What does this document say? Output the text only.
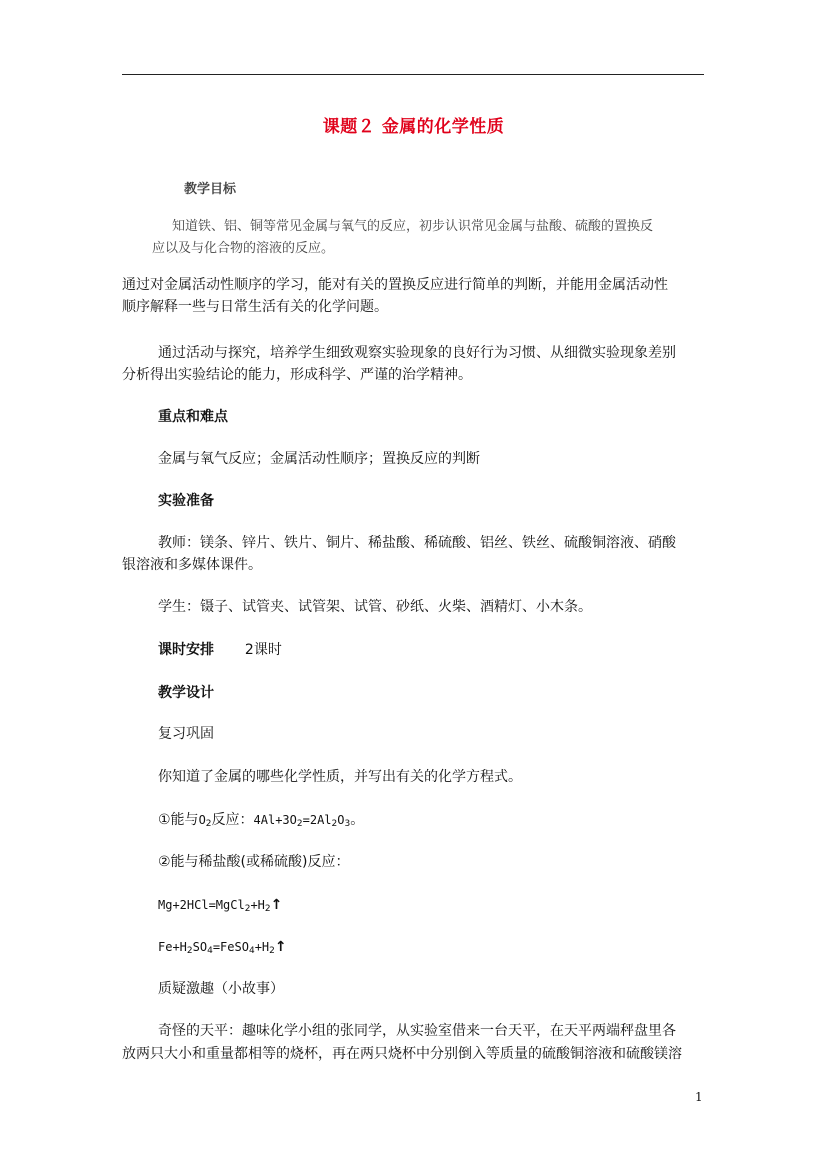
课题２ 金属的化学性质
教学目标
知道铁、铝、铜等常见金属与氧气的反应，初步认识常见金属与盐酸、硫酸的置换反
应以及与化合物的溶液的反应。
通过对金属活动性顺序的学习，能对有关的置换反应进行简单的判断，并能用金属活动性
顺序解释一些与日常生活有关的化学问题。
通过活动与探究，培养学生细致观察实验现象的良好行为习惯、从细微实验现象差别
分析得出实验结论的能力，形成科学、严谨的治学精神。
重点和难点
金属与氧气反应；金属活动性顺序；置换反应的判断
实验准备
教师：镁条、锌片、铁片、铜片、稀盐酸、稀硫酸、铝丝、铁丝、硫酸铜溶液、硝酸
银溶液和多媒体课件。
学生：镊子、试管夹、试管架、试管、砂纸、火柴、酒精灯、小木条。
课时安排 2课时
教学设计
复习巩固
你知道了金属的哪些化学性质，并写出有关的化学方程式。
①能与$O_2$反应：$4Al+3O_2=2Al_2O_3$。
②能与稀盐酸(或稀硫酸)反应：
$Mg+2HCl=MgCl_2+H_2↑$
$Fe+H_2SO_4=FeSO_4+H_2↑$
质疑激趣（小故事）
奇怪的天平：趣味化学小组的张同学，从实验室借来一台天平，在天平两端秤盘里各
放两只大小和重量都相等的烧杯，再在两只烧杯中分别倒入等质量的硫酸铜溶液和硫酸镁溶
1
